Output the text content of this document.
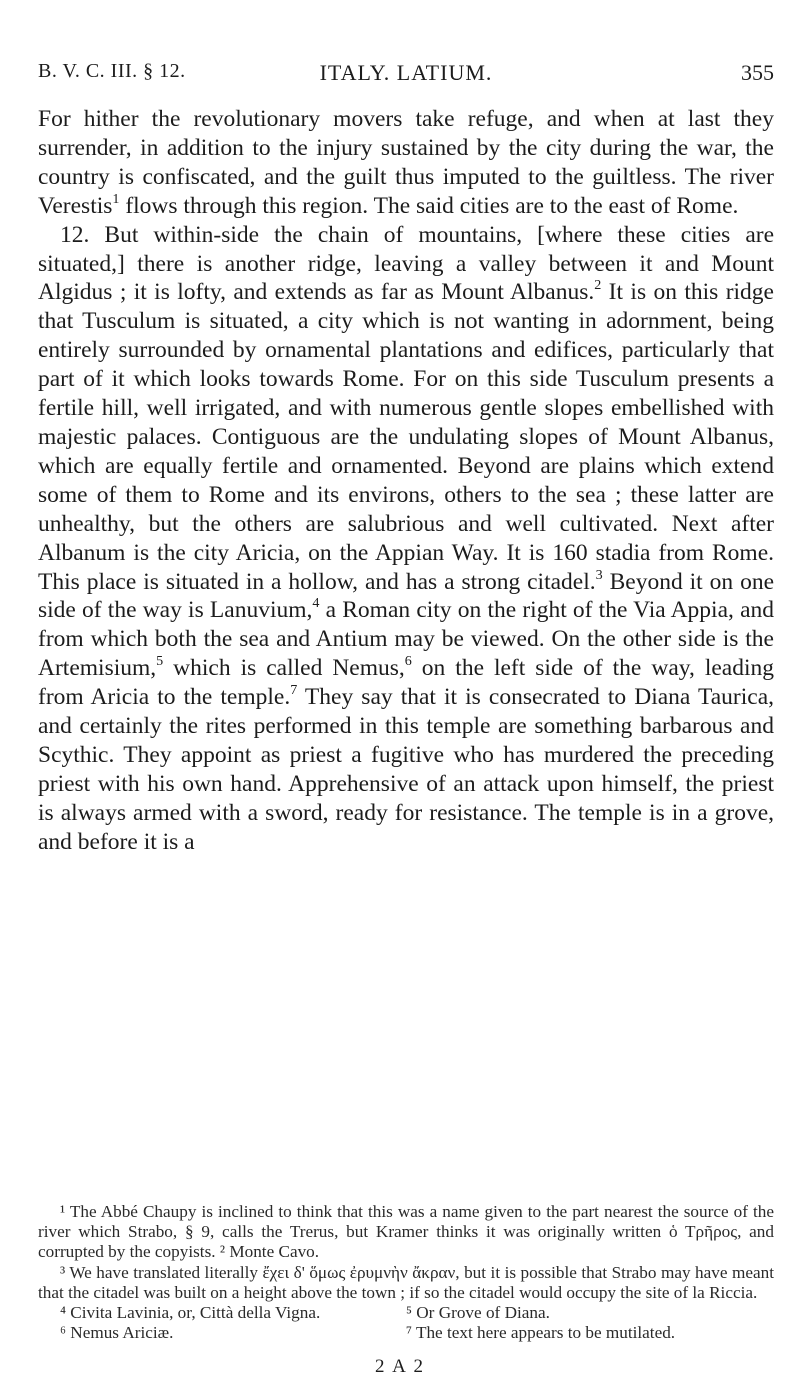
B. V. C. III. § 12.	ITALY. LATIUM.	355

For hither the revolutionary movers take refuge, and when at last they surrender, in addition to the injury sustained by the city during the war, the country is confiscated, and the guilt thus imputed to the guiltless. The river Verestis$^1$ flows through this region. The said cities are to the east of Rome.

12. But within-side the chain of mountains, [where these cities are situated,] there is another ridge, leaving a valley between it and Mount Algidus ; it is lofty, and extends as far as Mount Albanus.$^2$ It is on this ridge that Tusculum is situated, a city which is not wanting in adornment, being entirely surrounded by ornamental plantations and edifices, particularly that part of it which looks towards Rome. For on this side Tusculum presents a fertile hill, well irrigated, and with numerous gentle slopes embellished with majestic palaces. Contiguous are the undulating slopes of Mount Albanus, which are equally fertile and ornamented. Beyond are plains which extend some of them to Rome and its environs, others to the sea ; these latter are unhealthy, but the others are salubrious and well cultivated. Next after Albanum is the city Aricia, on the Appian Way. It is 160 stadia from Rome. This place is situated in a hollow, and has a strong citadel.$^3$ Beyond it on one side of the way is Lanuvium,$^4$ a Roman city on the right of the Via Appia, and from which both the sea and Antium may be viewed. On the other side is the Artemisium,$^5$ which is called Nemus,$^6$ on the left side of the way, leading from Aricia to the temple.$^7$ They say that it is consecrated to Diana Taurica, and certainly the rites performed in this temple are something barbarous and Scythic. They appoint as priest a fugitive who has murdered the preceding priest with his own hand. Apprehensive of an attack upon himself, the priest is always armed with a sword, ready for resistance. The temple is in a grove, and before it is a

¹ The Abbé Chaupy is inclined to think that this was a name given to the part nearest the source of the river which Strabo, § 9, calls the Trerus, but Kramer thinks it was originally written ὁ Τρῆρος, and corrupted by the copyists. ² Monte Cavo.

³ We have translated literally ἔχει δ' ὅμως ἐρυμνὴν ἄκραν, but it is possible that Strabo may have meant that the citadel was built on a height above the town ; if so the citadel would occupy the site of la Riccia.

⁴ Civita Lavinia, or, Città della Vigna.	⁵ Or Grove of Diana.
⁶ Nemus Ariciæ.	⁷ The text here appears to be mutilated.
2 A 2
